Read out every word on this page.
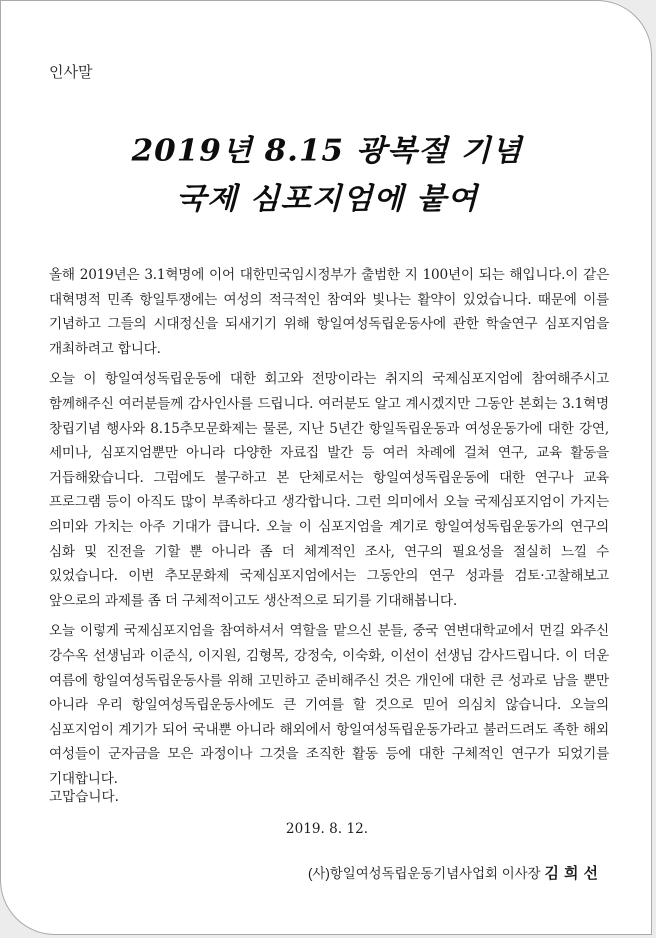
인사말
2019년 8.15 광복절 기념
국제 심포지엄에 붙여

올해 2019년은 3.1혁명에 이어 대한민국임시정부가 출범한 지 100년이 되는 해입니다.이 같은 대혁명적 민족 항일투쟁에는 여성의 적극적인 참여와 빛나는 활약이 있었습니다. 때문에 이를 기념하고 그들의 시대정신을 되새기기 위해 항일여성독립운동사에 관한 학술연구 심포지엄을 개최하려고 합니다.

오늘 이 항일여성독립운동에 대한 회고와 전망이라는 취지의 국제심포지엄에 참여해주시고 함께해주신 여러분들께 감사인사를 드립니다. 여러분도 알고 계시겠지만 그동안 본회는 3.1혁명 창립기념 행사와 8.15추모문화제는 물론, 지난 5년간 항일독립운동과 여성운동가에 대한 강연, 세미나, 심포지엄뿐만 아니라 다양한 자료집 발간 등 여러 차례에 걸쳐 연구, 교육 활동을 거듭해왔습니다. 그럼에도 불구하고 본 단체로서는 항일여성독립운동에 대한 연구나 교육 프로그램 등이 아직도 많이 부족하다고 생각합니다. 그런 의미에서 오늘 국제심포지엄이 가지는 의미와 가치는 아주 기대가 큽니다. 오늘 이 심포지엄을 계기로 항일여성독립운동가의 연구의 심화 및 진전을 기할 뿐 아니라 좀 더 체계적인 조사, 연구의 필요성을 절실히 느낄 수 있었습니다. 이번 추모문화제 국제심포지엄에서는 그동안의 연구 성과를 검토·고찰해보고 앞으로의 과제를 좀 더 구체적이고도 생산적으로 되기를 기대해봅니다.

오늘 이렇게 국제심포지엄을 참여하셔서 역할을 맡으신 분들, 중국 연변대학교에서 먼길 와주신 강수옥 선생님과 이준식, 이지원, 김형목, 강정숙, 이숙화, 이선이 선생님 감사드립니다. 이 더운 여름에 항일여성독립운동사를 위해 고민하고 준비해주신 것은 개인에 대한 큰 성과로 남을 뿐만 아니라 우리 항일여성독립운동사에도 큰 기여를 할 것으로 믿어 의심치 않습니다. 오늘의 심포지엄이 계기가 되어 국내뿐 아니라 해외에서 항일여성독립운동가라고 불러드려도 족한 해외 여성들이 군자금을 모은 과정이나 그것을 조직한 활동 등에 대한 구체적인 연구가 되었기를 기대합니다.

고맙습니다.
2019. 8. 12.
(사)항일여성독립운동기념사업회 이사장 김희선
